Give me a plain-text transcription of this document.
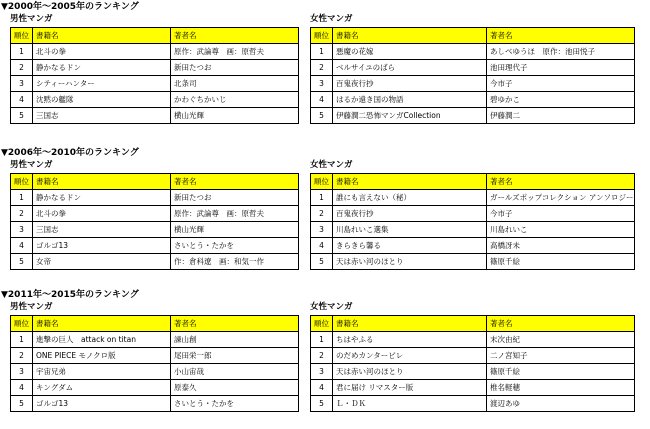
▼2000年～2005年のランキング
男性マンガ
順位	書籍名	著者名
1	北斗の拳	原作：武論尊　画：原哲夫
2	静かなるドン	新田たつお
3	シティーハンター	北条司
4	沈黙の艦隊	かわぐちかいじ
5	三国志	横山光輝
女性マンガ
順位	書籍名	著者名
1	悪魔の花嫁	あしべゆうほ　原作：池田悦子
2	ベルサイユのばら	池田理代子
3	百鬼夜行抄	今市子
4	はるか遠き国の物語	碧ゆかこ
5	伊藤潤二恐怖マンガCollection	伊藤潤二
▼2006年～2010年のランキング
男性マンガ
順位	書籍名	著者名
1	静かなるドン	新田たつお
2	北斗の拳	原作：武論尊　画：原哲夫
3	三国志	横山光輝
4	ゴルゴ13	さいとう・たかを
5	女帝	作：倉科遼　画：和気一作
女性マンガ
順位	書籍名	著者名
1	誰にも言えない（秘）	ガールズポップコレクション アンソロジー
2	百鬼夜行抄	今市子
3	川島れいこ選集	川島れいこ
4	きらきら馨る	高橋冴未
5	天は赤い河のほとり	篠原千絵
▼2011年～2015年のランキング
男性マンガ
順位	書籍名	著者名
1	進撃の巨人　attack on titan	諫山創
2	ONE PIECE モノクロ版	尾田栄一郎
3	宇宙兄弟	小山宙哉
4	キングダム	原泰久
5	ゴルゴ13	さいとう・たかを
女性マンガ
順位	書籍名	著者名
1	ちはやふる	末次由紀
2	のだめカンタービレ	二ノ宮知子
3	天は赤い河のほとり	篠原千絵
4	君に届け リマスター版	椎名軽穂
5	Ｌ・ＤＫ	渡辺あゆ
